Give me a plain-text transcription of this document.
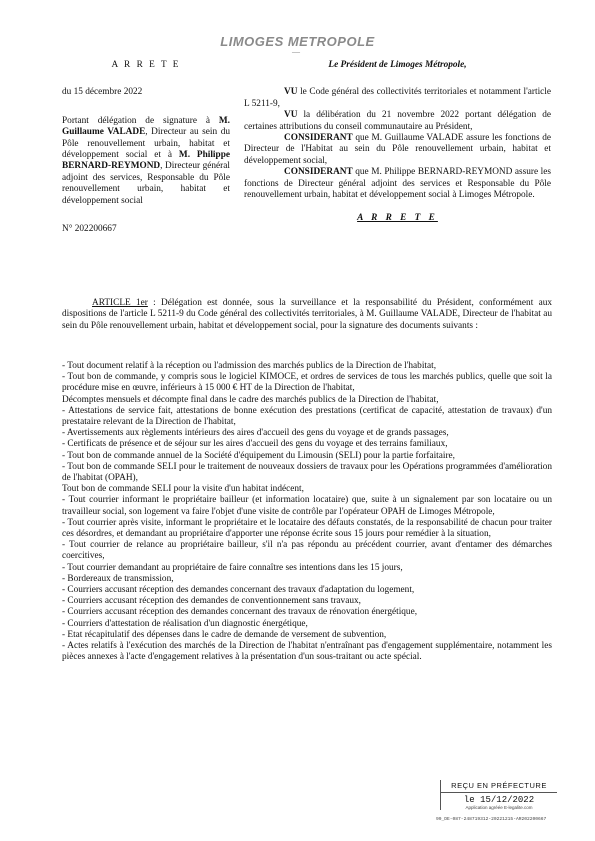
LIMOGES METROPOLE
—
A R R E T E
du 15 décembre 2022
Portant délégation de signature à M. Guillaume VALADE, Directeur au sein du Pôle renouvellement urbain, habitat et développement social et à M. Philippe BERNARD-REYMOND, Directeur général adjoint des services, Responsable du Pôle renouvellement urbain, habitat et développement social
N° 202200667
Le Président de Limoges Métropole,

VU le Code général des collectivités territoriales et notamment l'article L 5211-9,

VU la délibération du 21 novembre 2022 portant délégation de certaines attributions du conseil communautaire au Président,

CONSIDERANT que M. Guillaume VALADE assure les fonctions de Directeur de l'Habitat au sein du Pôle renouvellement urbain, habitat et développement social,

CONSIDERANT que M. Philippe BERNARD-REYMOND assure les fonctions de Directeur général adjoint des services et Responsable du Pôle renouvellement urbain, habitat et développement social à Limoges Métropole.

A R R E T E
ARTICLE 1er : Délégation est donnée, sous la surveillance et la responsabilité du Président, conformément aux dispositions de l'article L 5211-9 du Code général des collectivités territoriales, à M. Guillaume VALADE, Directeur de l'habitat au sein du Pôle renouvellement urbain, habitat et développement social, pour la signature des documents suivants :
- Tout document relatif à la réception ou l'admission des marchés publics de la Direction de l'habitat,
- Tout bon de commande, y compris sous le logiciel KIMOCE, et ordres de services de tous les marchés publics, quelle que soit la procédure mise en œuvre, inférieurs à 15 000 € HT de la Direction de l'habitat,
Décomptes mensuels et décompte final dans le cadre des marchés publics de la Direction de l'habitat,
- Attestations de service fait, attestations de bonne exécution des prestations (certificat de capacité, attestation de travaux) d'un prestataire relevant de la Direction de l'habitat,
- Avertissements aux règlements intérieurs des aires d'accueil des gens du voyage et de grands passages,
- Certificats de présence et de séjour sur les aires d'accueil des gens du voyage et des terrains familiaux,
- Tout bon de commande annuel de la Société d'équipement du Limousin (SELI) pour la partie forfaitaire,
- Tout bon de commande SELI pour le traitement de nouveaux dossiers de travaux pour les Opérations programmées d'amélioration de l'habitat (OPAH),
Tout bon de commande SELI pour la visite d'un habitat indécent,
- Tout courrier informant le propriétaire bailleur (et information locataire) que, suite à un signalement par son locataire ou un travailleur social, son logement va faire l'objet d'une visite de contrôle par l'opérateur OPAH de Limoges Métropole,
- Tout courrier après visite, informant le propriétaire et le locataire des défauts constatés, de la responsabilité de chacun pour traiter ces désordres, et demandant au propriétaire d'apporter une réponse écrite sous 15 jours pour remédier à la situation,
- Tout courrier de relance au propriétaire bailleur, s'il n'a pas répondu au précédent courrier, avant d'entamer des démarches coercitives,
- Tout courrier demandant au propriétaire de faire connaître ses intentions dans les 15 jours,
- Bordereaux de transmission,
- Courriers accusant réception des demandes concernant des travaux d'adaptation du logement,
- Courriers accusant réception des demandes de conventionnement sans travaux,
- Courriers accusant réception des demandes concernant des travaux de rénovation énergétique,
- Courriers d'attestation de réalisation d'un diagnostic énergétique,
- Etat récapitulatif des dépenses dans le cadre de demande de versement de subvention,
- Actes relatifs à l'exécution des marchés de la Direction de l'habitat n'entraînant pas d'engagement supplémentaire, notamment les pièces annexes à l'acte d'engagement relatives à la présentation d'un sous-traitant ou acte spécial.
REÇU EN PRÉFECTURE
le 15/12/2022
Application agréée E-legalite.com
99_DE-087-248719312-20221215-AR202200667
